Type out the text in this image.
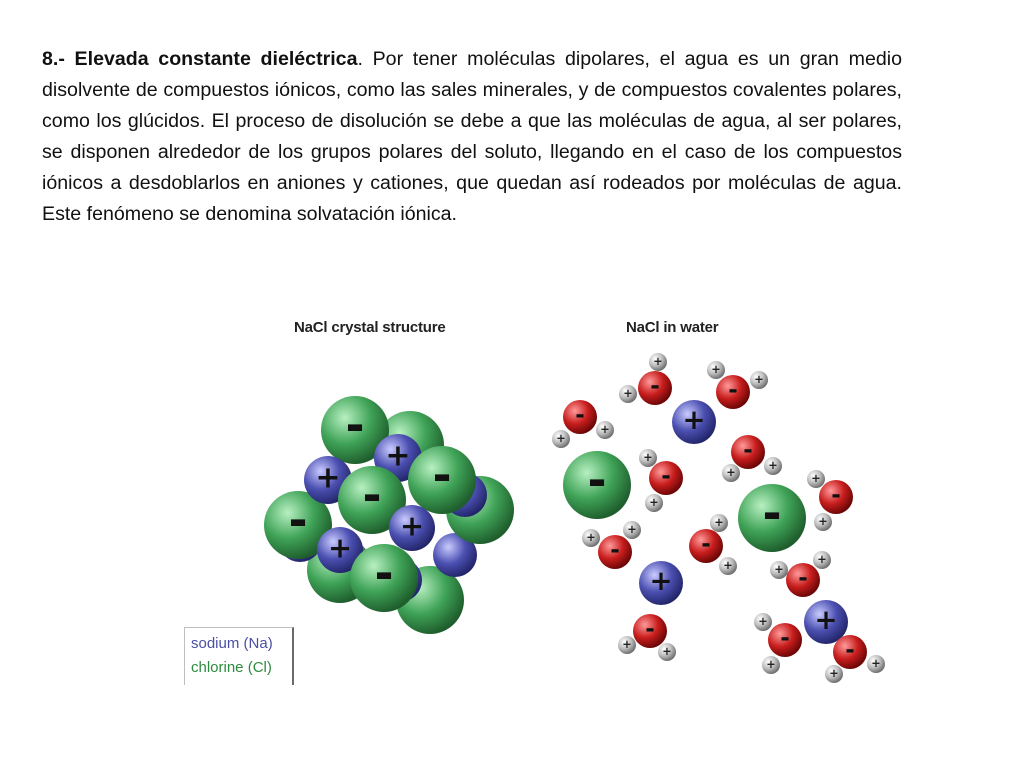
8.- Elevada constante dieléctrica. Por tener moléculas dipolares, el agua es un gran medio disolvente de compuestos iónicos, como las sales minerales, y de compuestos covalentes polares, como los glúcidos. El proceso de disolución se debe a que las moléculas de agua, al ser polares, se disponen alrededor de los grupos polares del soluto, llegando en el caso de los compuestos iónicos a desdoblarlos en aniones y cationes, que quedan así rodeados por moléculas de agua. Este fenómeno se denomina solvatación iónica.

NaCl crystal structure	NaCl in water
-
+
-
+ -
-
+
+ -
-
-
+
+
+
+
+ -
+
+
-
+
+
-
+
+
-
+
+
-	+
+
-
+
+
-
+
+
-
+
+
-
+
+
-	+
+
-
+
+
-
sodium (Na)
chlorine (Cl)
